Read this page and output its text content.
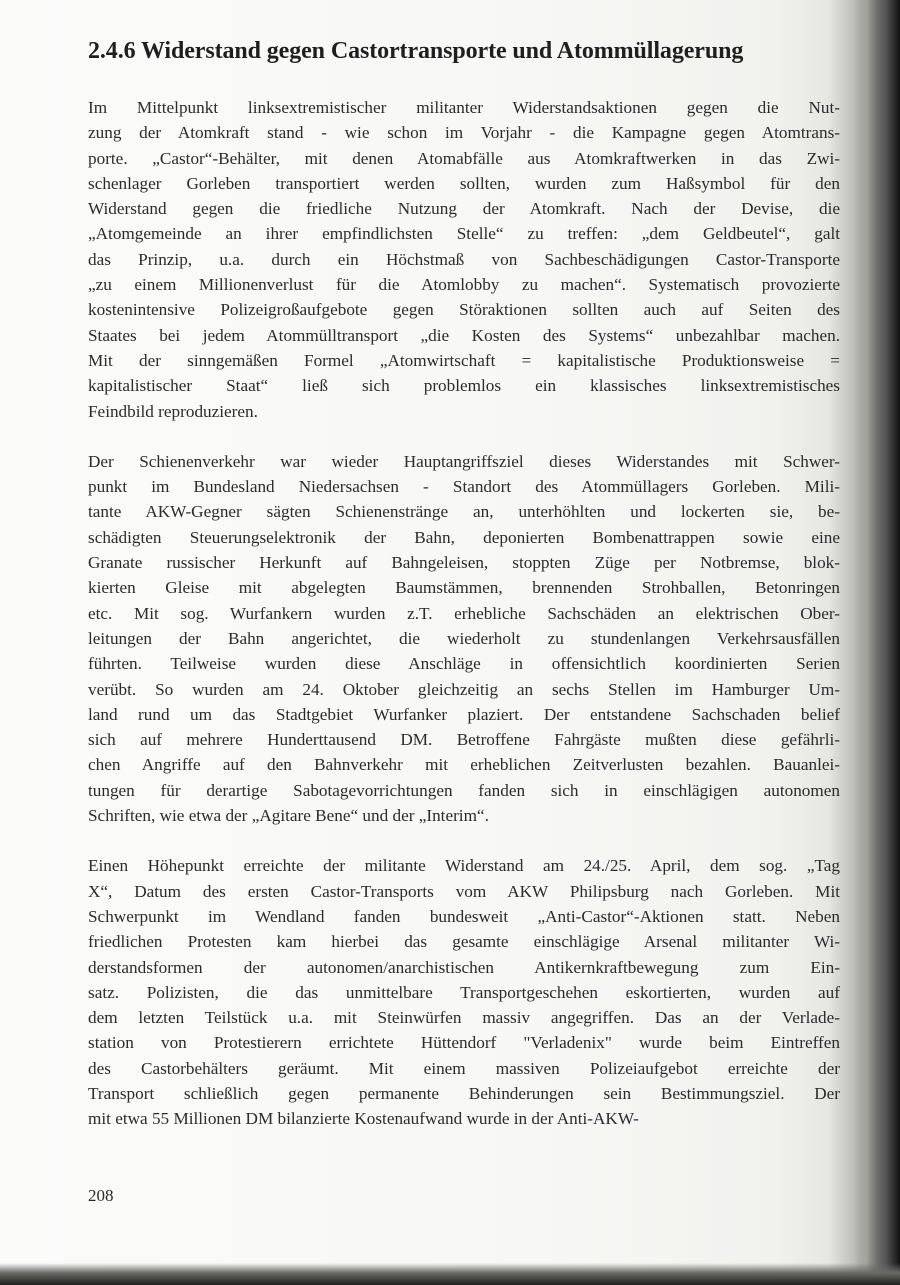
2.4.6 Widerstand gegen Castortransporte und Atommüllagerung

Im Mittelpunkt linksextremistischer militanter Widerstandsaktionen gegen die Nut-

zung der Atomkraft stand - wie schon im Vorjahr - die Kampagne gegen Atomtrans-

porte. „Castor“-Behälter, mit denen Atomabfälle aus Atomkraftwerken in das Zwi-

schenlager Gorleben transportiert werden sollten, wurden zum Haßsymbol für den

Widerstand gegen die friedliche Nutzung der Atomkraft. Nach der Devise, die

„Atomgemeinde an ihrer empfindlichsten Stelle“ zu treffen: „dem Geldbeutel“, galt

das Prinzip, u.a. durch ein Höchstmaß von Sachbeschädigungen Castor-Transporte

„zu einem Millionenverlust für die Atomlobby zu machen“. Systematisch provozierte

kostenintensive Polizeigroßaufgebote gegen Störaktionen sollten auch auf Seiten des

Staates bei jedem Atommülltransport „die Kosten des Systems“ unbezahlbar machen.

Mit der sinngemäßen Formel „Atomwirtschaft = kapitalistische Produktionsweise =

kapitalistischer Staat“ ließ sich problemlos ein klassisches linksextremistisches

Feindbild reproduzieren.

Der Schienenverkehr war wieder Hauptangriffsziel dieses Widerstandes mit Schwer-

punkt im Bundesland Niedersachsen - Standort des Atommüllagers Gorleben. Mili-

tante AKW-Gegner sägten Schienenstränge an, unterhöhlten und lockerten sie, be-

schädigten Steuerungselektronik der Bahn, deponierten Bombenattrappen sowie eine

Granate russischer Herkunft auf Bahngeleisen, stoppten Züge per Notbremse, blok-

kierten Gleise mit abgelegten Baumstämmen, brennenden Strohballen, Betonringen

etc. Mit sog. Wurfankern wurden z.T. erhebliche Sachschäden an elektrischen Ober-

leitungen der Bahn angerichtet, die wiederholt zu stundenlangen Verkehrsausfällen

führten. Teilweise wurden diese Anschläge in offensichtlich koordinierten Serien

verübt. So wurden am 24. Oktober gleichzeitig an sechs Stellen im Hamburger Um-

land rund um das Stadtgebiet Wurfanker plaziert. Der entstandene Sachschaden belief

sich auf mehrere Hunderttausend DM. Betroffene Fahrgäste mußten diese gefährli-

chen Angriffe auf den Bahnverkehr mit erheblichen Zeitverlusten bezahlen. Bauanlei-

tungen für derartige Sabotagevorrichtungen fanden sich in einschlägigen autonomen

Schriften, wie etwa der „Agitare Bene“ und der „Interim“.

Einen Höhepunkt erreichte der militante Widerstand am 24./25. April, dem sog. „Tag

X“, Datum des ersten Castor-Transports vom AKW Philipsburg nach Gorleben. Mit

Schwerpunkt im Wendland fanden bundesweit „Anti-Castor“-Aktionen statt. Neben

friedlichen Protesten kam hierbei das gesamte einschlägige Arsenal militanter Wi-

derstandsformen der autonomen/anarchistischen Antikernkraftbewegung zum Ein-

satz. Polizisten, die das unmittelbare Transportgeschehen eskortierten, wurden auf

dem letzten Teilstück u.a. mit Steinwürfen massiv angegriffen. Das an der Verlade-

station von Protestierern errichtete Hüttendorf "Verladenix" wurde beim Eintreffen

des Castorbehälters geräumt. Mit einem massiven Polizeiaufgebot erreichte der

Transport schließlich gegen permanente Behinderungen sein Bestimmungsziel. Der

mit etwa 55 Millionen DM bilanzierte Kostenaufwand wurde in der Anti-AKW-

208
